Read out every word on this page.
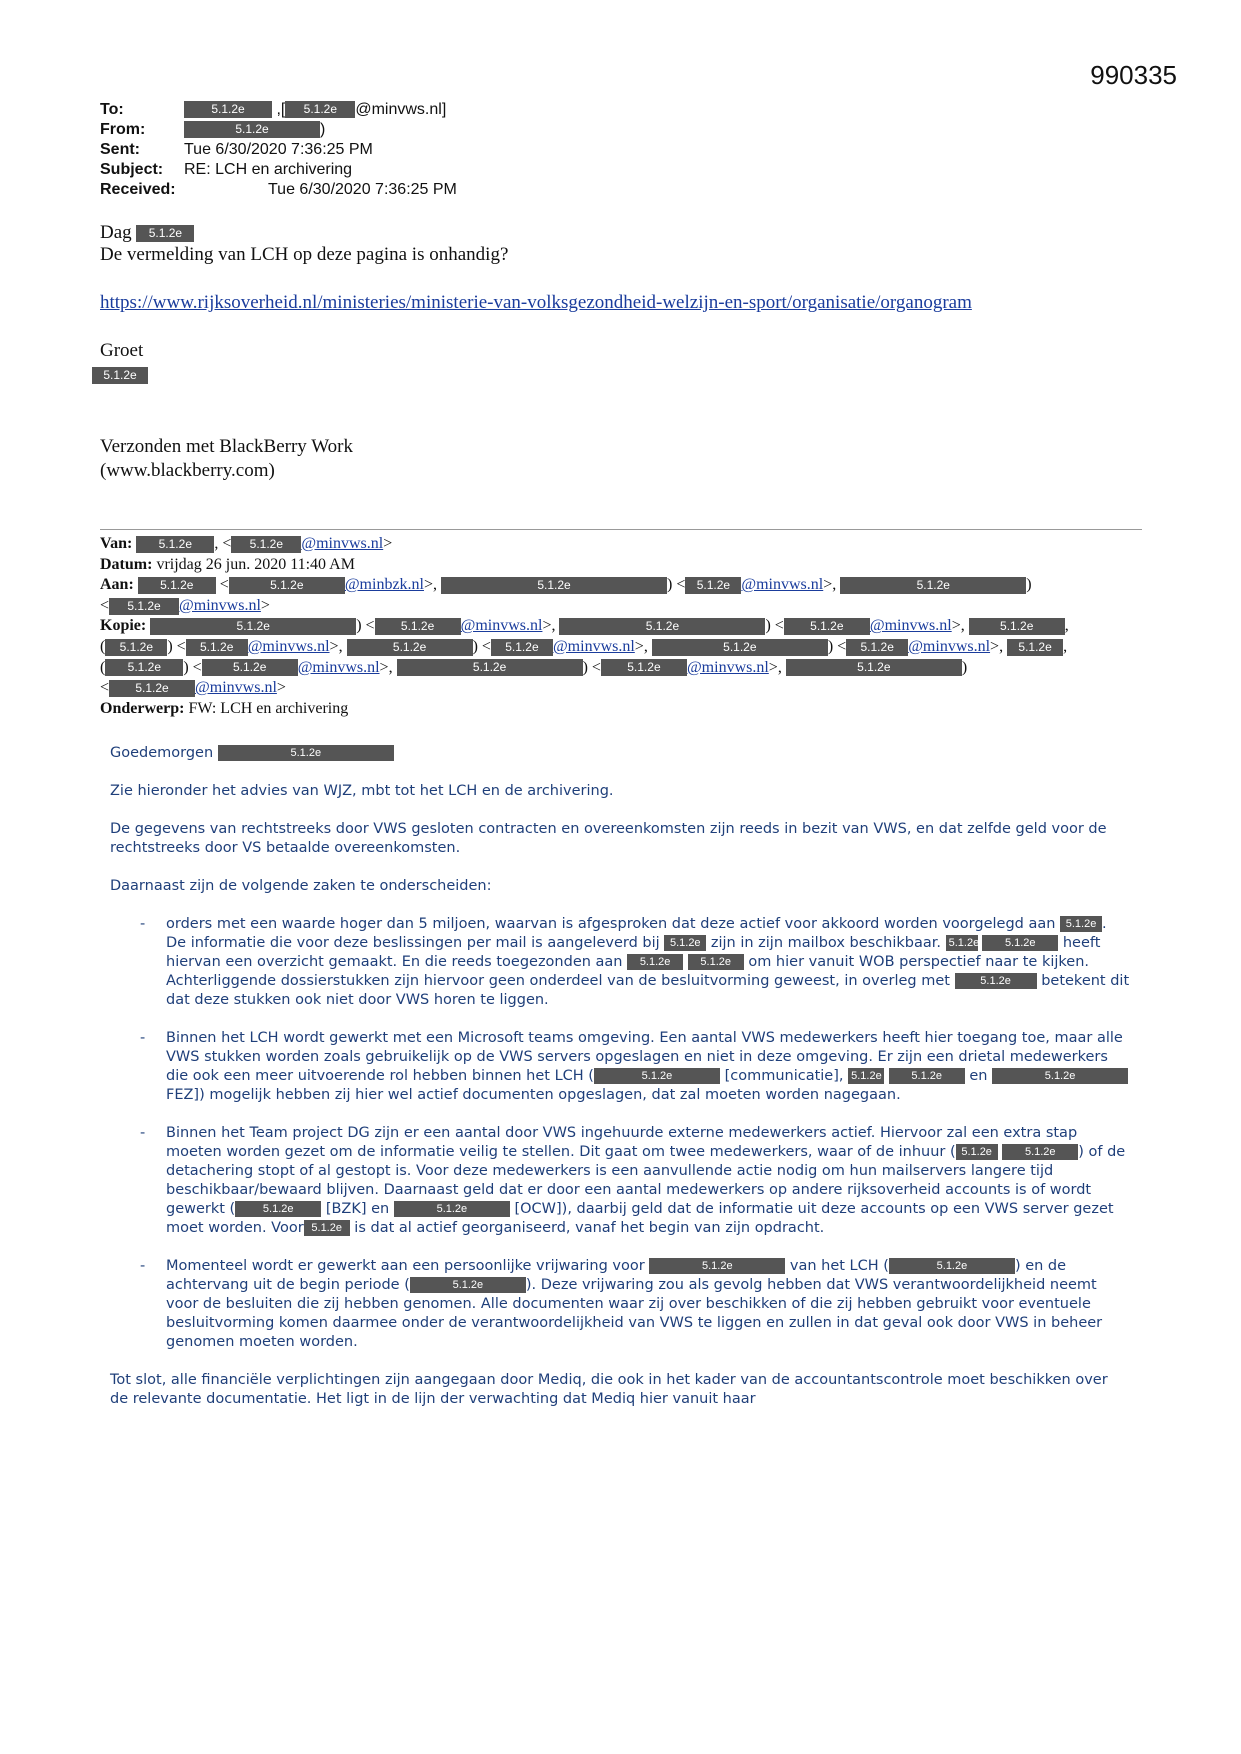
990335
To:	5.1.2e ,[ 5.1.2e @minvws.nl]
From:	5.1.2e	)
Sent:	Tue 6/30/2020 7:36:25 PM
Subject:	RE: LCH en archivering
Received:	Tue 6/30/2020 7:36:25 PM
Dag 5.1.2e
De vermelding van LCH op deze pagina is onhandig?
https://www.rijksoverheid.nl/ministeries/ministerie-van-volksgezondheid-welzijn-en-sport/organisatie/organogram
Groet
5.1.2e
Verzonden met BlackBerry Work
(www.blackberry.com)
Van: 5.1.2e , < 5.1.2e @minvws.nl>
Datum: vrijdag 26 jun. 2020 11:40 AM
Aan: 5.1.2e <	5.1.2e	@minbzk.nl>,	5.1.2e	) < 5.1.2e @minvws.nl>,	5.1.2e	)
< 5.1.2e @minvws.nl>
Kopie:	5.1.2e	) < 5.1.2e @minvws.nl>,	5.1.2e	) < 5.1.2e @minvws.nl>,	5.1.2e ,
( 5.1.2e ) < 5.1.2e @minvws.nl>,	5.1.2e	) < 5.1.2e @minvws.nl>,	5.1.2e	) < 5.1.2e @minvws.nl>, 5.1.2e ,
( 5.1.2e ) <	5.1.2e @minvws.nl>,	5.1.2e	) < 5.1.2e @minvws.nl>,	5.1.2e	)
< 5.1.2e @minvws.nl>
Onderwerp: FW: LCH en archivering

Goedemorgen	5.1.2e

Zie hieronder het advies van WJZ, mbt tot het LCH en de archivering.

De gegevens van rechtstreeks door VWS gesloten contracten en overeenkomsten zijn reeds in bezit van VWS, en dat zelfde geld voor de rechtstreeks door VS betaalde overeenkomsten.

Daarnaast zijn de volgende zaken te onderscheiden:

- orders met een waarde hoger dan 5 miljoen, waarvan is afgesproken dat deze actief voor akkoord worden voorgelegd aan 5.1.2e . De informatie die voor deze beslissingen per mail is aangeleverd bij 5.1.2e zijn in zijn mailbox beschikbaar. 5.1.2e 5.1.2e heeft hiervan een overzicht gemaakt. En die reeds toegezonden aan 5.1.2e	5.1.2e om hier vanuit WOB perspectief naar te kijken. Achterliggende dossierstukken zijn hiervoor geen onderdeel van de besluitvorming geweest, in overleg met	5.1.2e betekent dit dat deze stukken ook niet door VWS horen te liggen.
- Binnen het LCH wordt gewerkt met een Microsoft teams omgeving. Een aantal VWS medewerkers heeft hier toegang toe, maar alle VWS stukken worden zoals gebruikelijk op de VWS servers opgeslagen en niet in deze omgeving. Er zijn een drietal medewerkers die ook een meer uitvoerende rol hebben binnen het LCH (	5.1.2e	[communicatie], 5.1.2e	5.1.2e en	5.1.2eFEZ]) mogelijk hebben zij hier wel actief documenten opgeslagen, dat zal moeten worden nagegaan.
- Binnen het Team project DG zijn er een aantal door VWS ingehuurde externe medewerkers actief. Hiervoor zal een extra stap moeten worden gezet om de informatie veilig te stellen. Dit gaat om twee medewerkers, waar of de inhuur ( 5.1.2e	5.1.2e ) of de detachering stopt of al gestopt is. Voor deze medewerkers is een aanvullende actie nodig om hun mailservers langere tijd beschikbaar/bewaard blijven. Daarnaast geld dat er door een aantal medewerkers op andere rijksoverheid accounts is of wordt gewerkt (	5.1.2e [BZK] en	5.1.2e	[OCW]), daarbij geld dat de informatie uit deze accounts op een VWS server gezet moet worden. Voor 5.1.2e is dat al actief georganiseerd, vanaf het begin van zijn opdracht.
- Momenteel wordt er gewerkt aan een persoonlijke vrijwaring voor	5.1.2e	van het LCH (	5.1.2e	) en de achtervang uit de begin periode (	5.1.2e	). Deze vrijwaring zou als gevolg hebben dat VWS verantwoordelijkheid neemt voor de besluiten die zij hebben genomen. Alle documenten waar zij over beschikken of die zij hebben gebruikt voor eventuele besluitvorming komen daarmee onder de verantwoordelijkheid van VWS te liggen en zullen in dat geval ook door VWS in beheer genomen moeten worden.

Tot slot, alle financiële verplichtingen zijn aangegaan door Mediq, die ook in het kader van de accountantscontrole moet beschikken over de relevante documentatie. Het ligt in de lijn der verwachting dat Mediq hier vanuit haar
